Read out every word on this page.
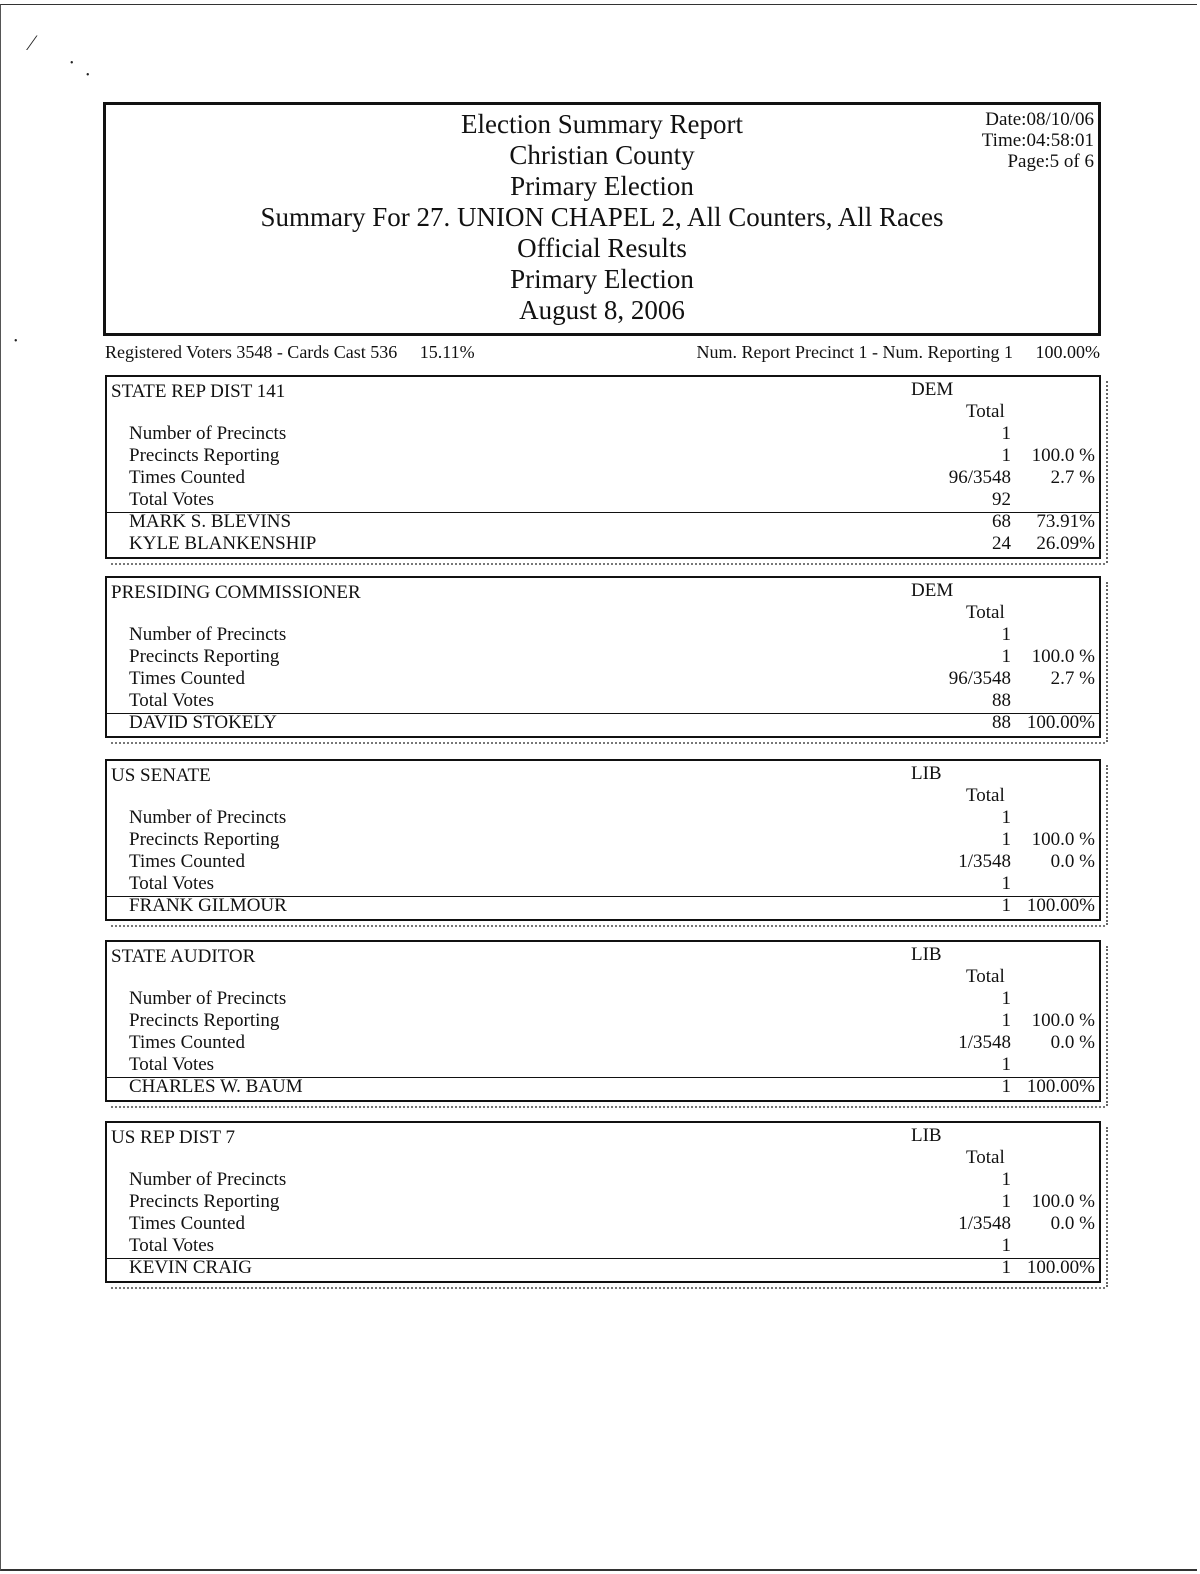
⁄
•
•
•
Election Summary Report
Christian County
Primary Election
Summary For 27. UNION CHAPEL 2, All Counters, All Races
Official Results
Primary Election
August 8, 2006
Date:08/10/06
Time:04:58:01
Page:5 of 6
Registered Voters 3548 - Cards Cast 536     15.11%	Num. Report Precinct 1 - Num. Reporting 1     100.00%
STATE REP DIST 141	DEM
Total
Number of Precincts	1
Precincts Reporting	1 100.0 %
Times Counted	96/3548 2.7 %
Total Votes	92
MARK S. BLEVINS	68 73.91%
KYLE BLANKENSHIP	24 26.09%
PRESIDING COMMISSIONER	DEM
Total
Number of Precincts	1
Precincts Reporting	1 100.0 %
Times Counted	96/3548 2.7 %
Total Votes	88
DAVID STOKELY	88 100.00%
US SENATE	LIB
Total
Number of Precincts	1
Precincts Reporting	1 100.0 %
Times Counted	1/3548 0.0 %
Total Votes	1
FRANK GILMOUR	1 100.00%
STATE AUDITOR	LIB
Total
Number of Precincts	1
Precincts Reporting	1 100.0 %
Times Counted	1/3548 0.0 %
Total Votes	1
CHARLES W. BAUM	1 100.00%
US REP DIST 7	LIB
Total
Number of Precincts	1
Precincts Reporting	1 100.0 %
Times Counted	1/3548 0.0 %
Total Votes	1
KEVIN CRAIG	1 100.00%
